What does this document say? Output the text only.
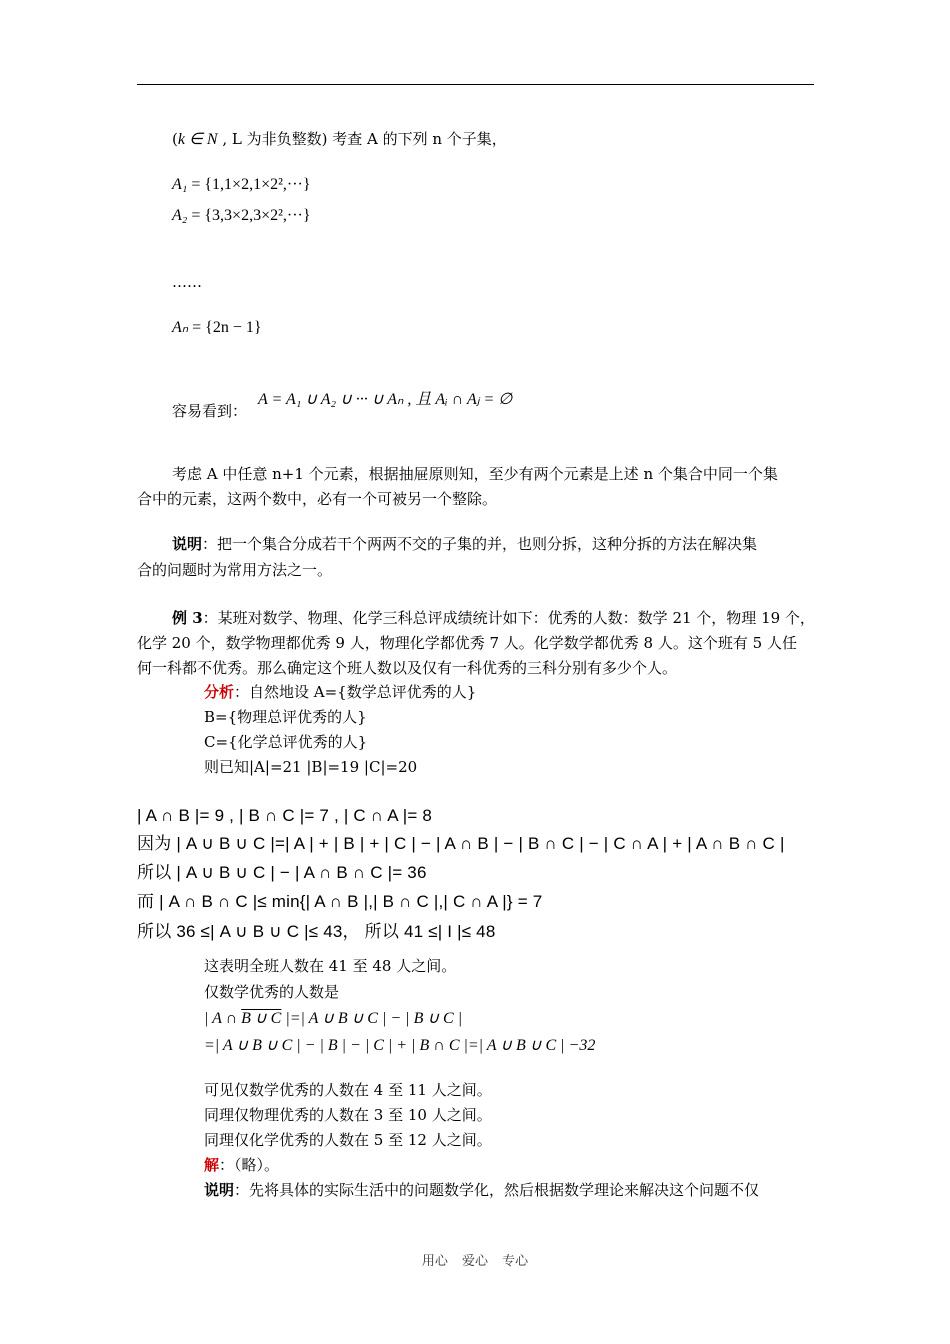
(k ∈ N , L 为非负整数) 考查 A 的下列 n 个子集，
A₁ = {1,1×2,1×2²,···}
A₂ = {3,3×2,3×2²,···}
……
Aₙ = {2n − 1}
容易看到：
A = A₁ ∪ A₂ ∪ ··· ∪ Aₙ , 且 Aᵢ ∩ Aⱼ = ∅
考虑 A 中任意 n+1 个元素，根据抽屉原则知，至少有两个元素是上述 n 个集合中同一个集
合中的元素，这两个数中，必有一个可被另一个整除。
说明：把一个集合分成若干个两两不交的子集的并，也则分拆，这种分拆的方法在解决集
合的问题时为常用方法之一。
例 3：某班对数学、物理、化学三科总评成绩统计如下：优秀的人数：数学 21 个，物理 19 个，
化学 20 个，数学物理都优秀 9 人，物理化学都优秀 7 人。化学数学都优秀 8 人。这个班有 5 人任
何一科都不优秀。那么确定这个班人数以及仅有一科优秀的三科分别有多少个人。
分析：自然地设 A={数学总评优秀的人}
B={物理总评优秀的人}
C={化学总评优秀的人}
则已知|A|=21 |B|=19 |C|=20
| A ∩ B |= 9 , | B ∩ C |= 7 , | C ∩ A |= 8
因为 | A ∪ B ∪ C |=| A | + | B | + | C | − | A ∩ B | − | B ∩ C | − | C ∩ A | + | A ∩ B ∩ C |
所以 | A ∪ B ∪ C | − | A ∩ B ∩ C |= 36
而 | A ∩ B ∩ C |≤ min{| A ∩ B |,| B ∩ C |,| C ∩ A |} = 7
所以 36 ≤| A ∪ B ∪ C |≤ 43， 所以 41 ≤| I |≤ 48
这表明全班人数在 41 至 48 人之间。
仅数学优秀的人数是
| A ∩ B ∪ C |=| A ∪ B ∪ C | − | B ∪ C |
=| A ∪ B ∪ C | − | B | − | C | + | B ∩ C |=| A ∪ B ∪ C | −32
可见仅数学优秀的人数在 4 至 11 人之间。
同理仅物理优秀的人数在 3 至 10 人之间。
同理仅化学优秀的人数在 5 至 12 人之间。
解：（略）。
说明：先将具体的实际生活中的问题数学化，然后根据数学理论来解决这个问题不仅
用心 爱心 专心
